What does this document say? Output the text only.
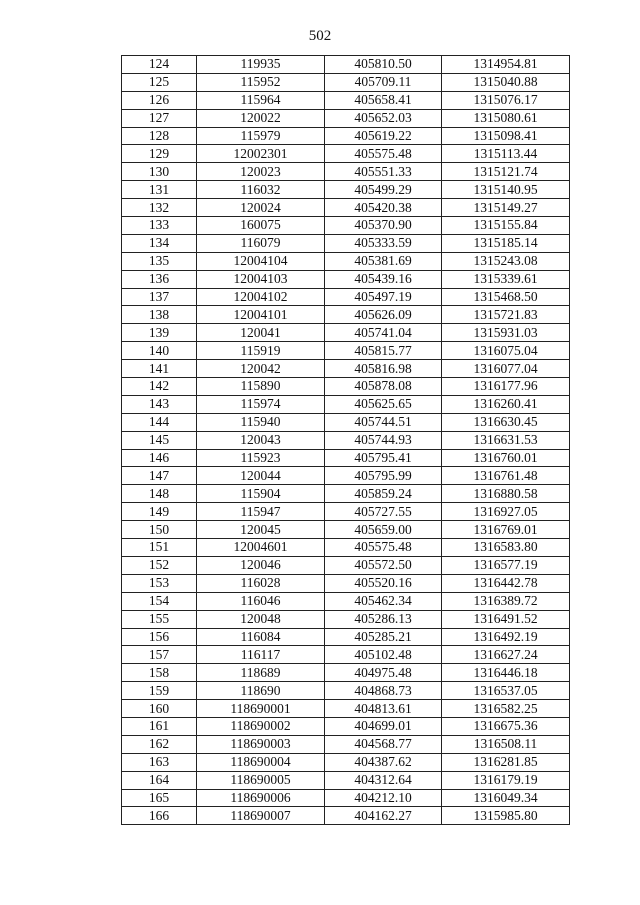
502
124	119935	405810.50	1314954.81
125	115952	405709.11	1315040.88
126	115964	405658.41	1315076.17
127	120022	405652.03	1315080.61
128	115979	405619.22	1315098.41
129	12002301	405575.48	1315113.44
130	120023	405551.33	1315121.74
131	116032	405499.29	1315140.95
132	120024	405420.38	1315149.27
133	160075	405370.90	1315155.84
134	116079	405333.59	1315185.14
135	12004104	405381.69	1315243.08
136	12004103	405439.16	1315339.61
137	12004102	405497.19	1315468.50
138	12004101	405626.09	1315721.83
139	120041	405741.04	1315931.03
140	115919	405815.77	1316075.04
141	120042	405816.98	1316077.04
142	115890	405878.08	1316177.96
143	115974	405625.65	1316260.41
144	115940	405744.51	1316630.45
145	120043	405744.93	1316631.53
146	115923	405795.41	1316760.01
147	120044	405795.99	1316761.48
148	115904	405859.24	1316880.58
149	115947	405727.55	1316927.05
150	120045	405659.00	1316769.01
151	12004601	405575.48	1316583.80
152	120046	405572.50	1316577.19
153	116028	405520.16	1316442.78
154	116046	405462.34	1316389.72
155	120048	405286.13	1316491.52
156	116084	405285.21	1316492.19
157	116117	405102.48	1316627.24
158	118689	404975.48	1316446.18
159	118690	404868.73	1316537.05
160	118690001	404813.61	1316582.25
161	118690002	404699.01	1316675.36
162	118690003	404568.77	1316508.11
163	118690004	404387.62	1316281.85
164	118690005	404312.64	1316179.19
165	118690006	404212.10	1316049.34
166	118690007	404162.27	1315985.80
